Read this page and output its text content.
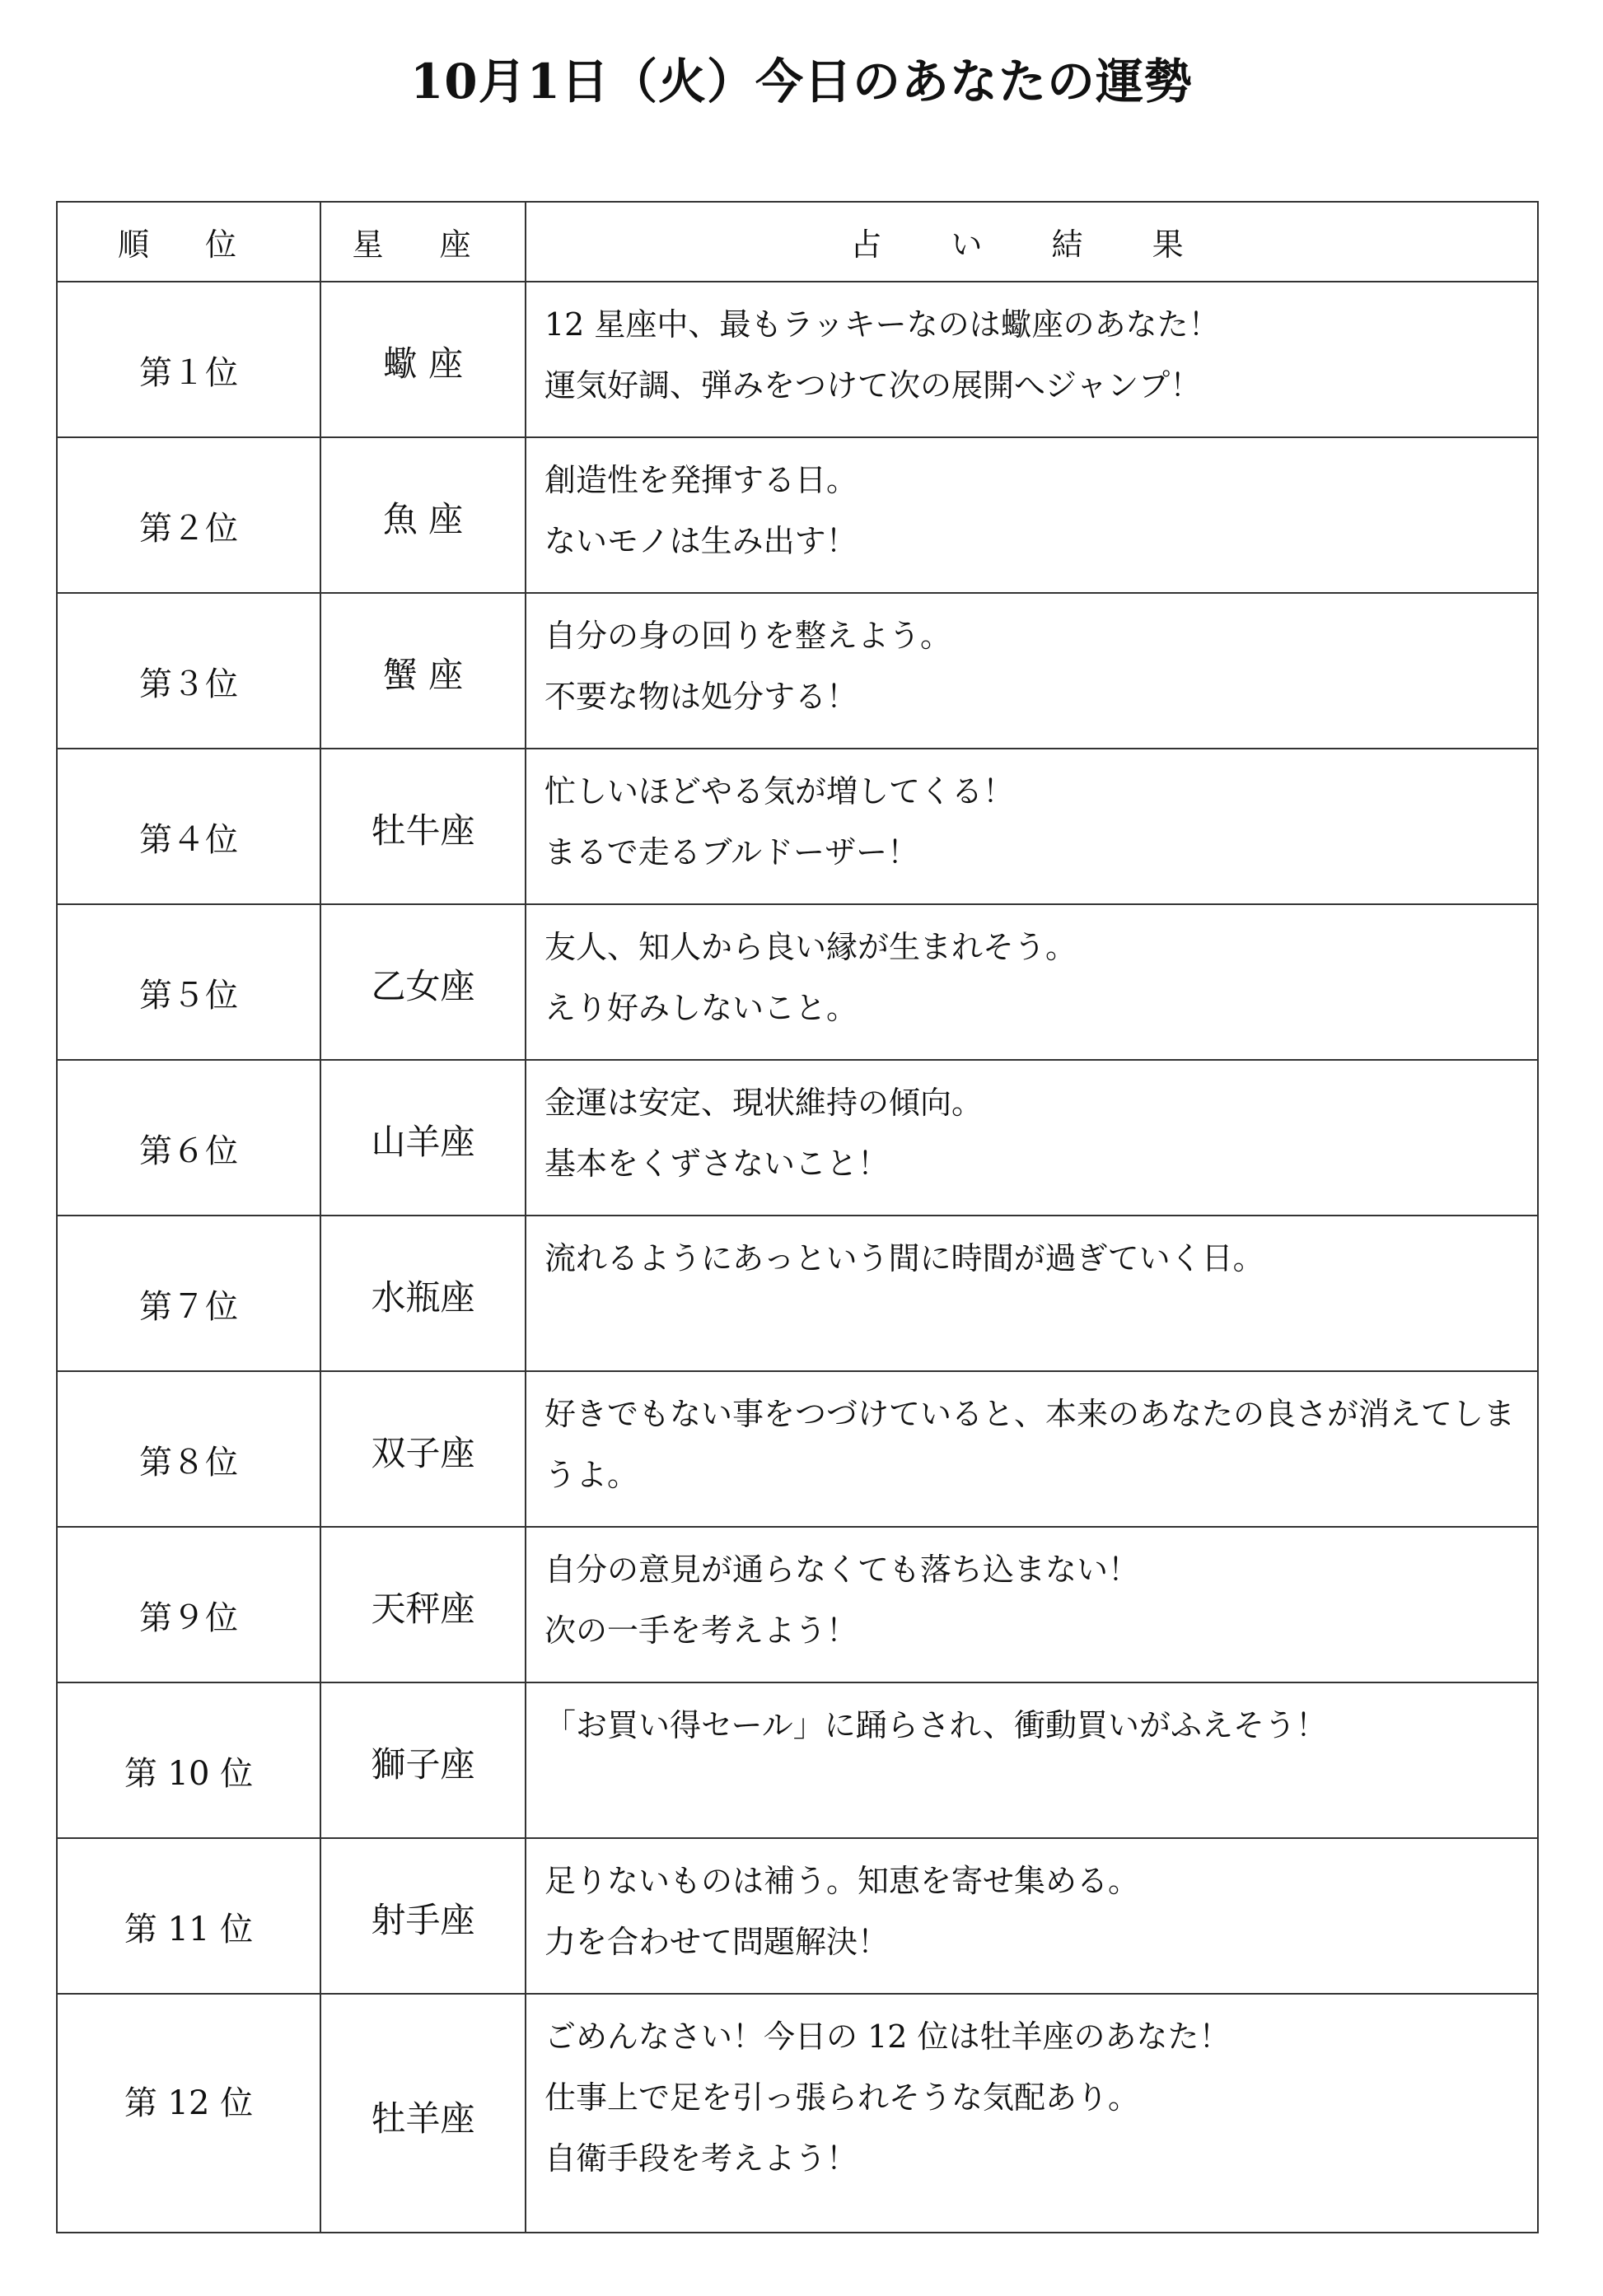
10月1日（火）今日のあなたの運勢
順 位	星 座	占 い 結 果

第１位	蠍 座	12 星座中、最もラッキーなのは蠍座のあなた！
運気好調、弾みをつけて次の展開へジャンプ！

第２位	魚 座	創造性を発揮する日。
ないモノは生み出す！

第３位	蟹 座	自分の身の回りを整えよう。
不要な物は処分する！

第４位	牡牛座	忙しいほどやる気が増してくる！
まるで走るブルドーザー！

第５位	乙女座	友人、知人から良い縁が生まれそう。
えり好みしないこと。

第６位	山羊座	金運は安定、現状維持の傾向。
基本をくずさないこと！

第７位	水瓶座	流れるようにあっという間に時間が過ぎていく日。

第８位	双子座	好きでもない事をつづけていると、本来のあなたの良さが消えてしまうよ。

第９位	天秤座	自分の意見が通らなくても落ち込まない！
次の一手を考えよう！

第 10 位	獅子座	「お買い得セール」に踊らされ、衝動買いがふえそう！

第 11 位	射手座	足りないものは補う。知恵を寄せ集める。
力を合わせて問題解決！

第 12 位	牡羊座	ごめんなさい！今日の 12 位は牡羊座のあなた！
仕事上で足を引っ張られそうな気配あり。
自衛手段を考えよう！
